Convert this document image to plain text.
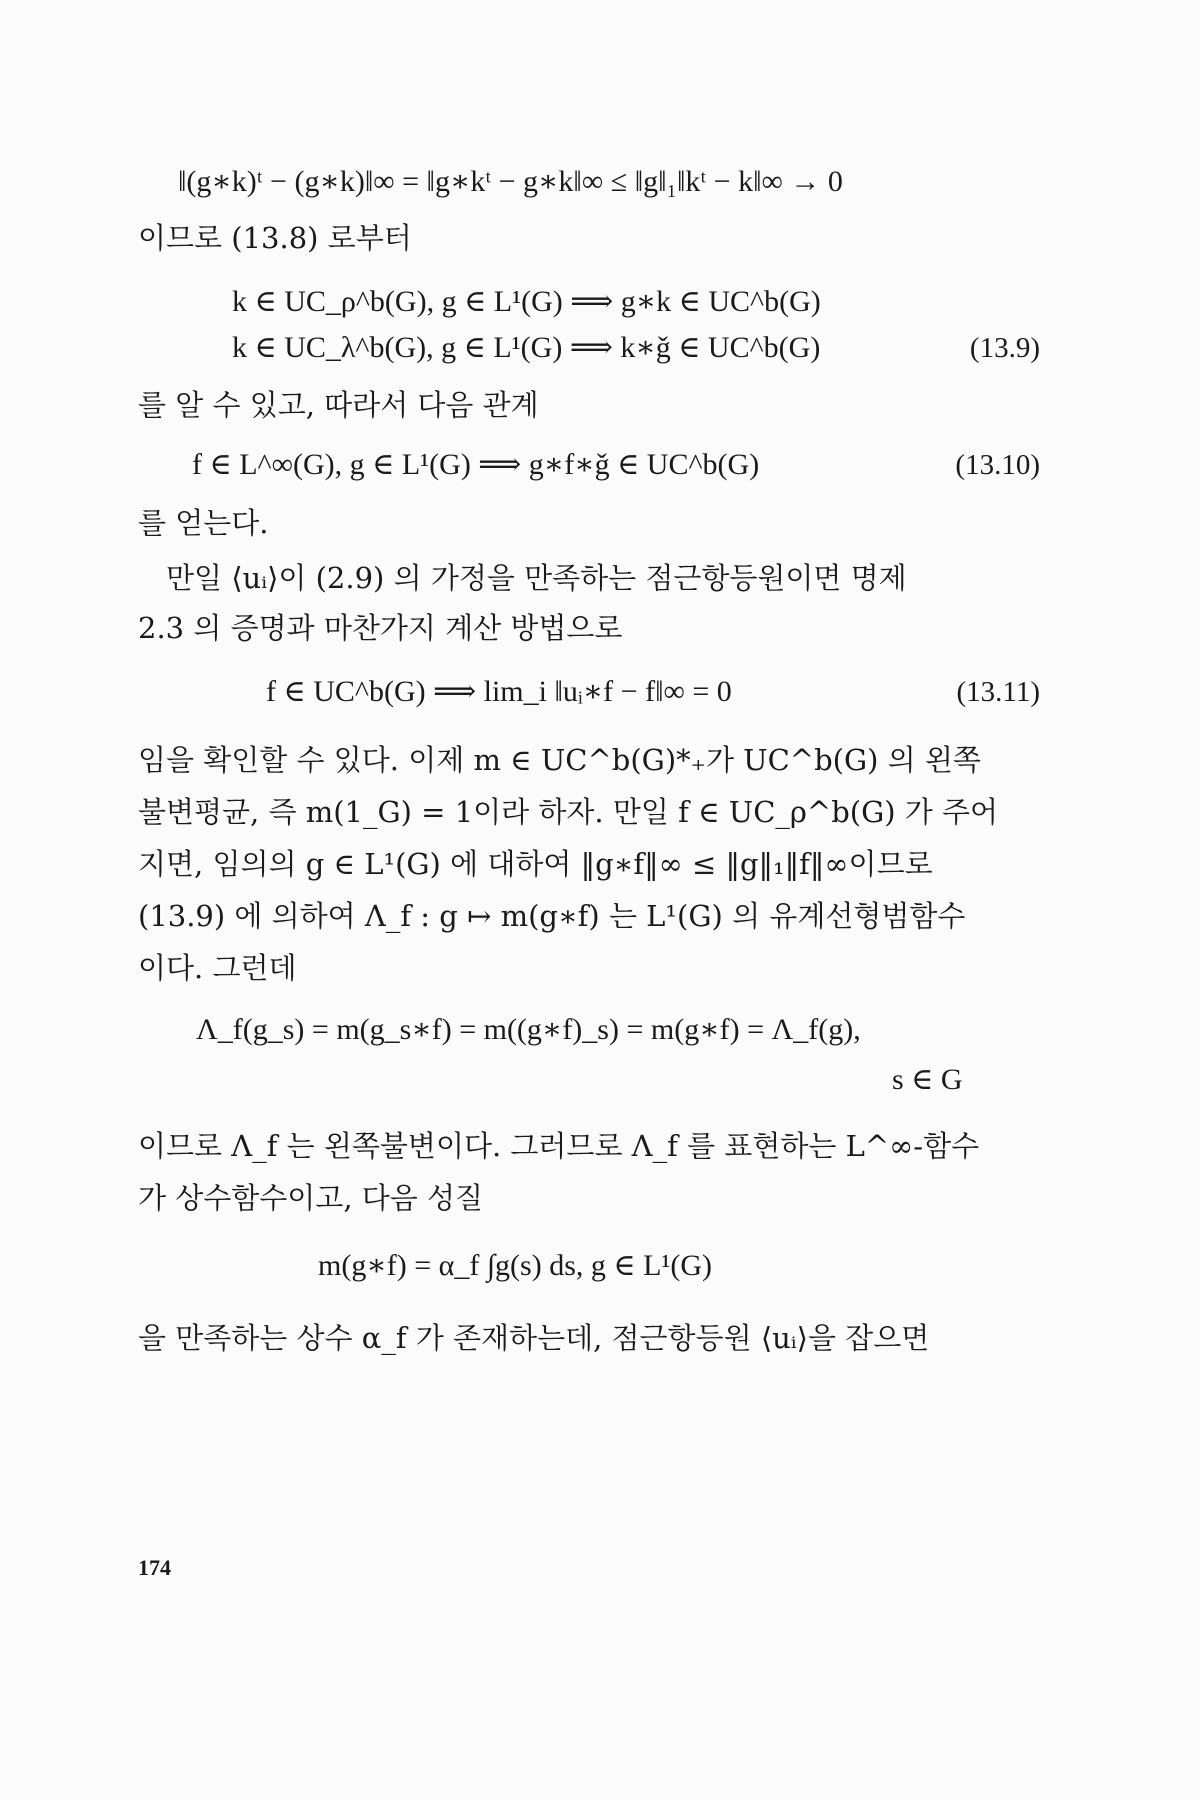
‖(g∗k)ᵗ − (g∗k)‖∞ = ‖g∗kᵗ − g∗k‖∞ ≤ ‖g‖₁‖kᵗ − k‖∞ → 0
이므로 (13.8) 로부터
k ∈ UC_ρ^b(G), g ∈ L¹(G) ⟹ g∗k ∈ UC^b(G)
k ∈ UC_λ^b(G), g ∈ L¹(G) ⟹ k∗ǧ ∈ UC^b(G)	(13.9)
를 알 수 있고, 따라서 다음 관계
f ∈ L^∞(G), g ∈ L¹(G) ⟹ g∗f∗ǧ ∈ UC^b(G)	(13.10)
를 얻는다.
만일 ⟨uᵢ⟩이 (2.9) 의 가정을 만족하는 점근항등원이면 명제
2.3 의 증명과 마찬가지 계산 방법으로
f ∈ UC^b(G) ⟹ lim_i ‖uᵢ∗f − f‖∞ = 0	(13.11)
임을 확인할 수 있다. 이제 m ∈ UC^b(G)*₊가 UC^b(G) 의 왼쪽
불변평균, 즉 m(1_G) = 1이라 하자. 만일 f ∈ UC_ρ^b(G) 가 주어
지면, 임의의 g ∈ L¹(G) 에 대하여 ‖g∗f‖∞ ≤ ‖g‖₁‖f‖∞이므로
(13.9) 에 의하여 Λ_f : g ↦ m(g∗f) 는 L¹(G) 의 유계선형범함수
이다. 그런데
Λ_f(g_s) = m(g_s∗f) = m((g∗f)_s) = m(g∗f) = Λ_f(g),
s ∈ G
이므로 Λ_f 는 왼쪽불변이다. 그러므로 Λ_f 를 표현하는 L^∞-함수
가 상수함수이고, 다음 성질
m(g∗f) = α_f ∫g(s) ds, g ∈ L¹(G)
을 만족하는 상수 α_f 가 존재하는데, 점근항등원 ⟨uᵢ⟩을 잡으면
174
